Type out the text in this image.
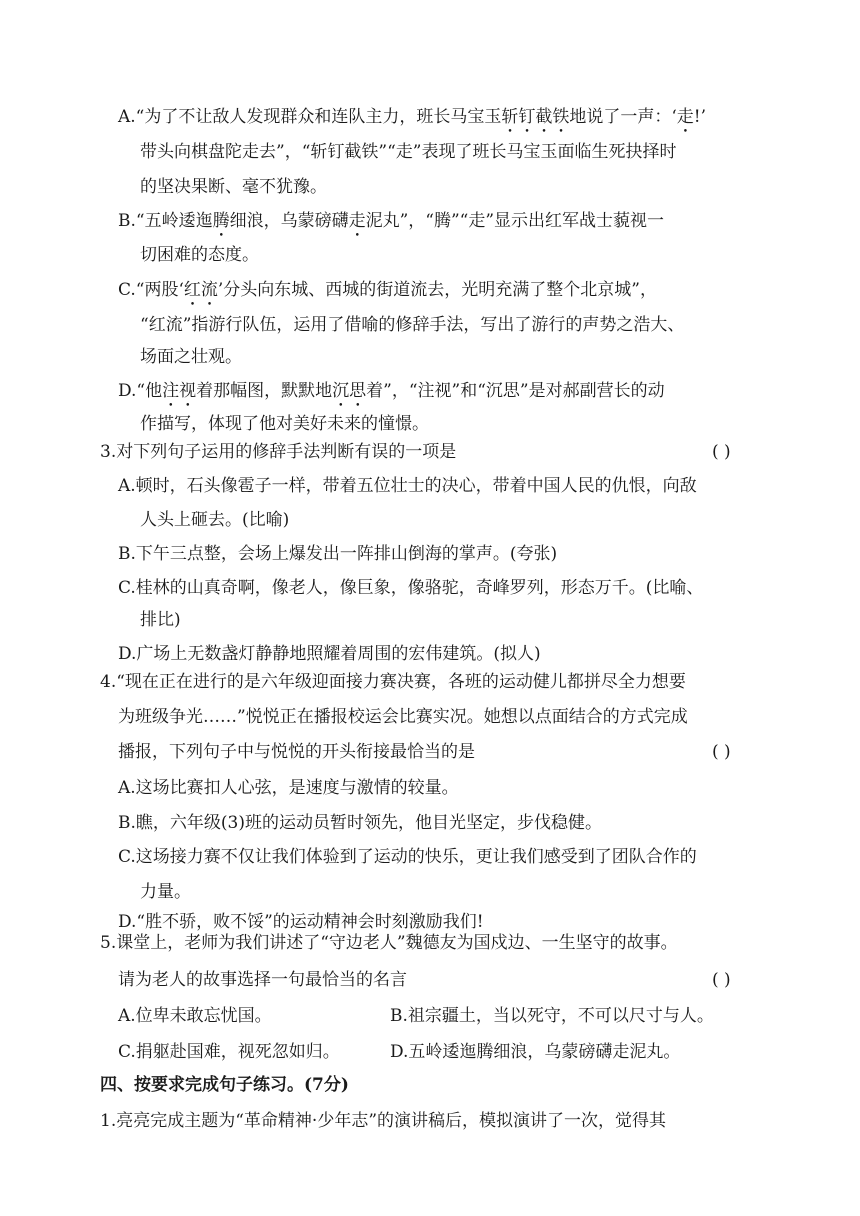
A.“为了不让敌人发现群众和连队主力，班长马宝玉斩钉截铁地说了一声：‘走!’
带头向棋盘陀走去”，“斩钉截铁”“走”表现了班长马宝玉面临生死抉择时
的坚决果断、毫不犹豫。
B.“五岭逶迤腾细浪，乌蒙磅礴走泥丸”，“腾”“走”显示出红军战士藐视一
切困难的态度。
C.“两股‘红流’分头向东城、西城的街道流去，光明充满了整个北京城”，
“红流”指游行队伍，运用了借喻的修辞手法，写出了游行的声势之浩大、
场面之壮观。
D.“他注视着那幅图，默默地沉思着”，“注视”和“沉思”是对郝副营长的动
作描写，体现了他对美好未来的憧憬。
3.对下列句子运用的修辞手法判断有误的一项是	( )
A.顿时，石头像雹子一样，带着五位壮士的决心，带着中国人民的仇恨，向敌
人头上砸去。(比喻)
B.下午三点整，会场上爆发出一阵排山倒海的掌声。(夸张)
C.桂林的山真奇啊，像老人，像巨象，像骆驼，奇峰罗列，形态万千。(比喻、
排比)
D.广场上无数盏灯静静地照耀着周围的宏伟建筑。(拟人)
4.“现在正在进行的是六年级迎面接力赛决赛，各班的运动健儿都拼尽全力想要
为班级争光……”悦悦正在播报校运会比赛实况。她想以点面结合的方式完成
播报，下列句子中与悦悦的开头衔接最恰当的是	( )
A.这场比赛扣人心弦，是速度与激情的较量。
B.瞧，六年级(3)班的运动员暂时领先，他目光坚定，步伐稳健。
C.这场接力赛不仅让我们体验到了运动的快乐，更让我们感受到了团队合作的
力量。
D.“胜不骄，败不馁”的运动精神会时刻激励我们!
5.课堂上，老师为我们讲述了“守边老人”魏德友为国戍边、一生坚守的故事。
请为老人的故事选择一句最恰当的名言	( )
A.位卑未敢忘忧国。	B.祖宗疆土，当以死守，不可以尺寸与人。
C.捐躯赴国难，视死忽如归。	D.五岭逶迤腾细浪，乌蒙磅礴走泥丸。
四、按要求完成句子练习。(7分)
1.亮亮完成主题为“革命精神·少年志”的演讲稿后，模拟演讲了一次，觉得其
